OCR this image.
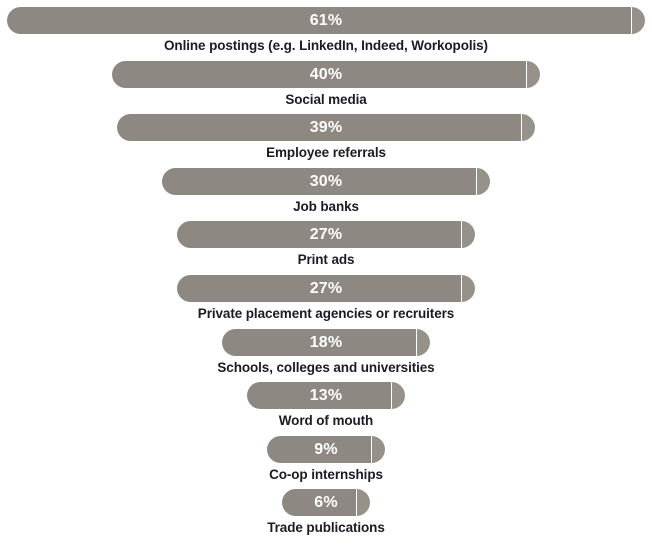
61%
Online postings (e.g. LinkedIn, Indeed, Workopolis)
40%
Social media
39%
Employee referrals
30%
Job banks
27%
Print ads
27%
Private placement agencies or recruiters
18%
Schools, colleges and universities
13%
Word of mouth
9%
Co-op internships
6%
Trade publications
